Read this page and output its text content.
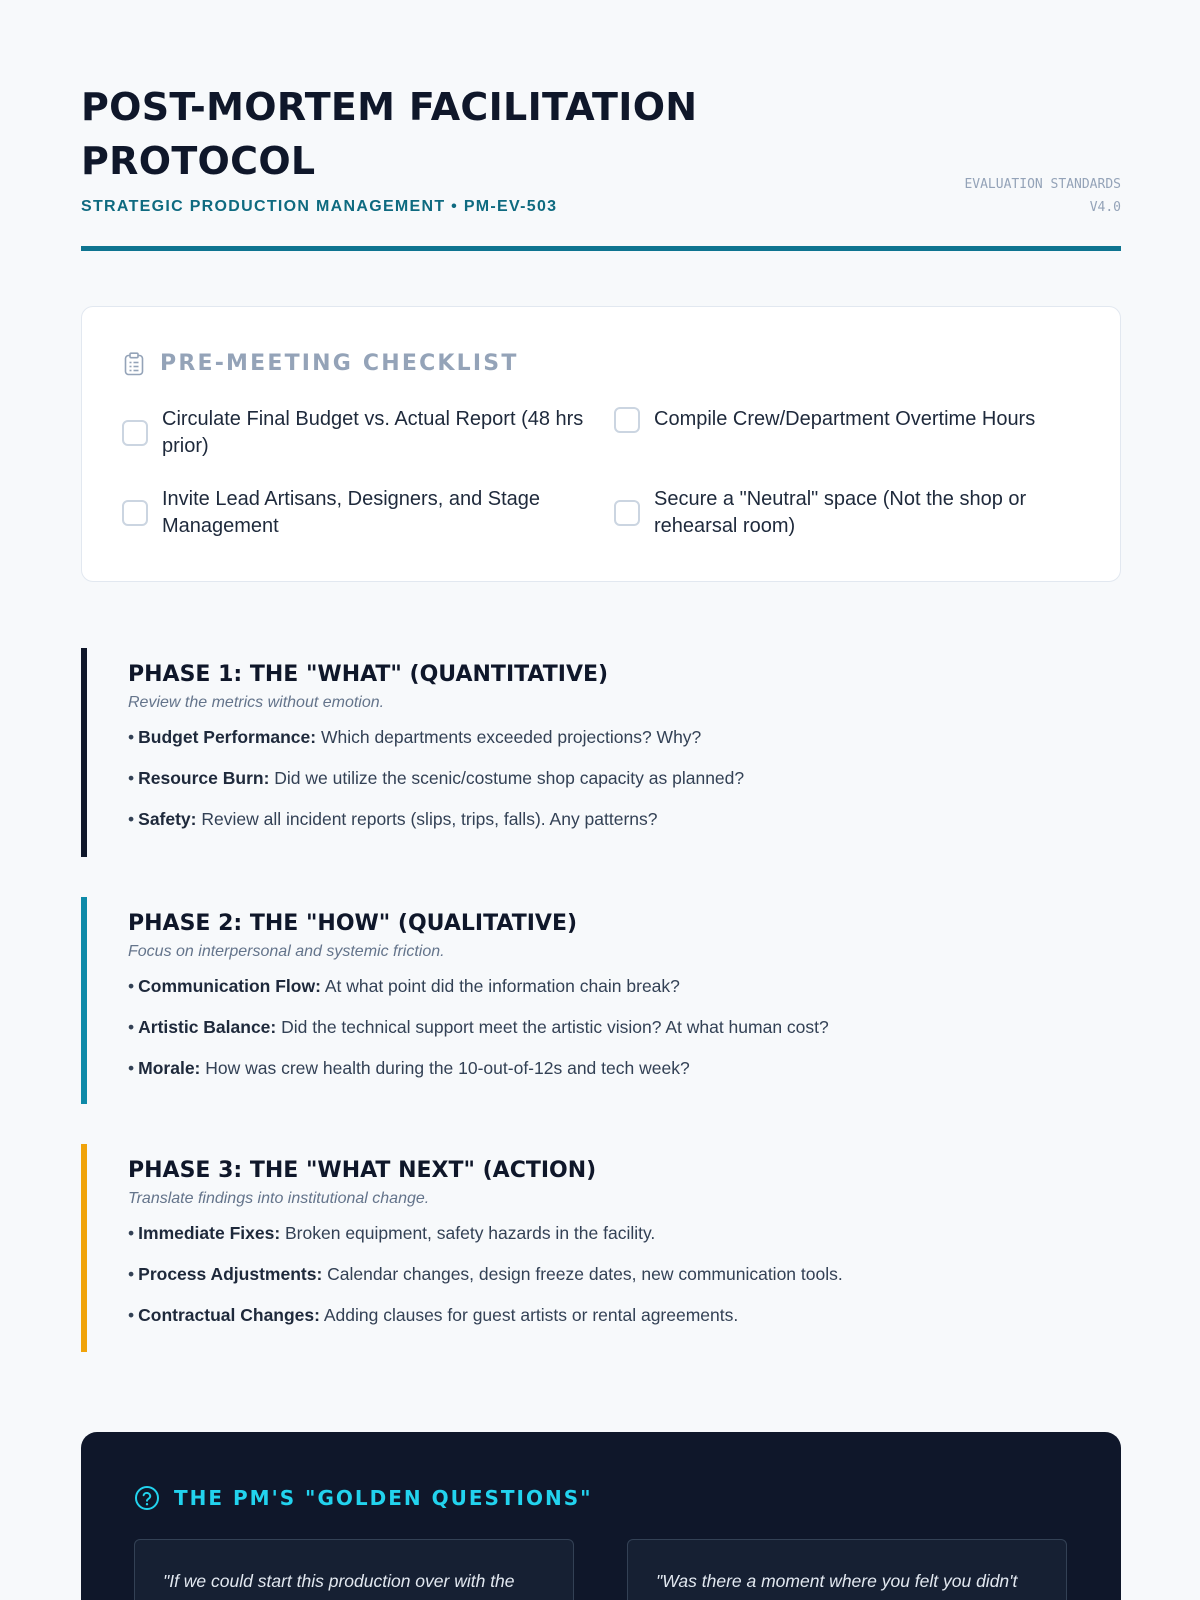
POST-MORTEM FACILITATION PROTOCOL
STRATEGIC PRODUCTION MANAGEMENT • PM-EV-503
EVALUATION STANDARDS
V4.0
PRE-MEETING CHECKLIST
Circulate Final Budget vs. Actual Report (48 hrs prior)
Compile Crew/Department Overtime Hours
Invite Lead Artisans, Designers, and Stage Management
Secure a "Neutral" space (Not the shop or rehearsal room)
PHASE 1: THE "WHAT" (QUANTITATIVE)
Review the metrics without emotion.
• Budget Performance: Which departments exceeded projections? Why?
• Resource Burn: Did we utilize the scenic/costume shop capacity as planned?
• Safety: Review all incident reports (slips, trips, falls). Any patterns?
PHASE 2: THE "HOW" (QUALITATIVE)
Focus on interpersonal and systemic friction.
• Communication Flow: At what point did the information chain break?
• Artistic Balance: Did the technical support meet the artistic vision? At what human cost?
• Morale: How was crew health during the 10-out-of-12s and tech week?
PHASE 3: THE "WHAT NEXT" (ACTION)
Translate findings into institutional change.
• Immediate Fixes: Broken equipment, safety hazards in the facility.
• Process Adjustments: Calendar changes, design freeze dates, new communication tools.
• Contractual Changes: Adding clauses for guest artists or rental agreements.
THE PM'S "GOLDEN QUESTIONS"

"If we could start this production over with the	"Was there a moment where you felt you didn't
